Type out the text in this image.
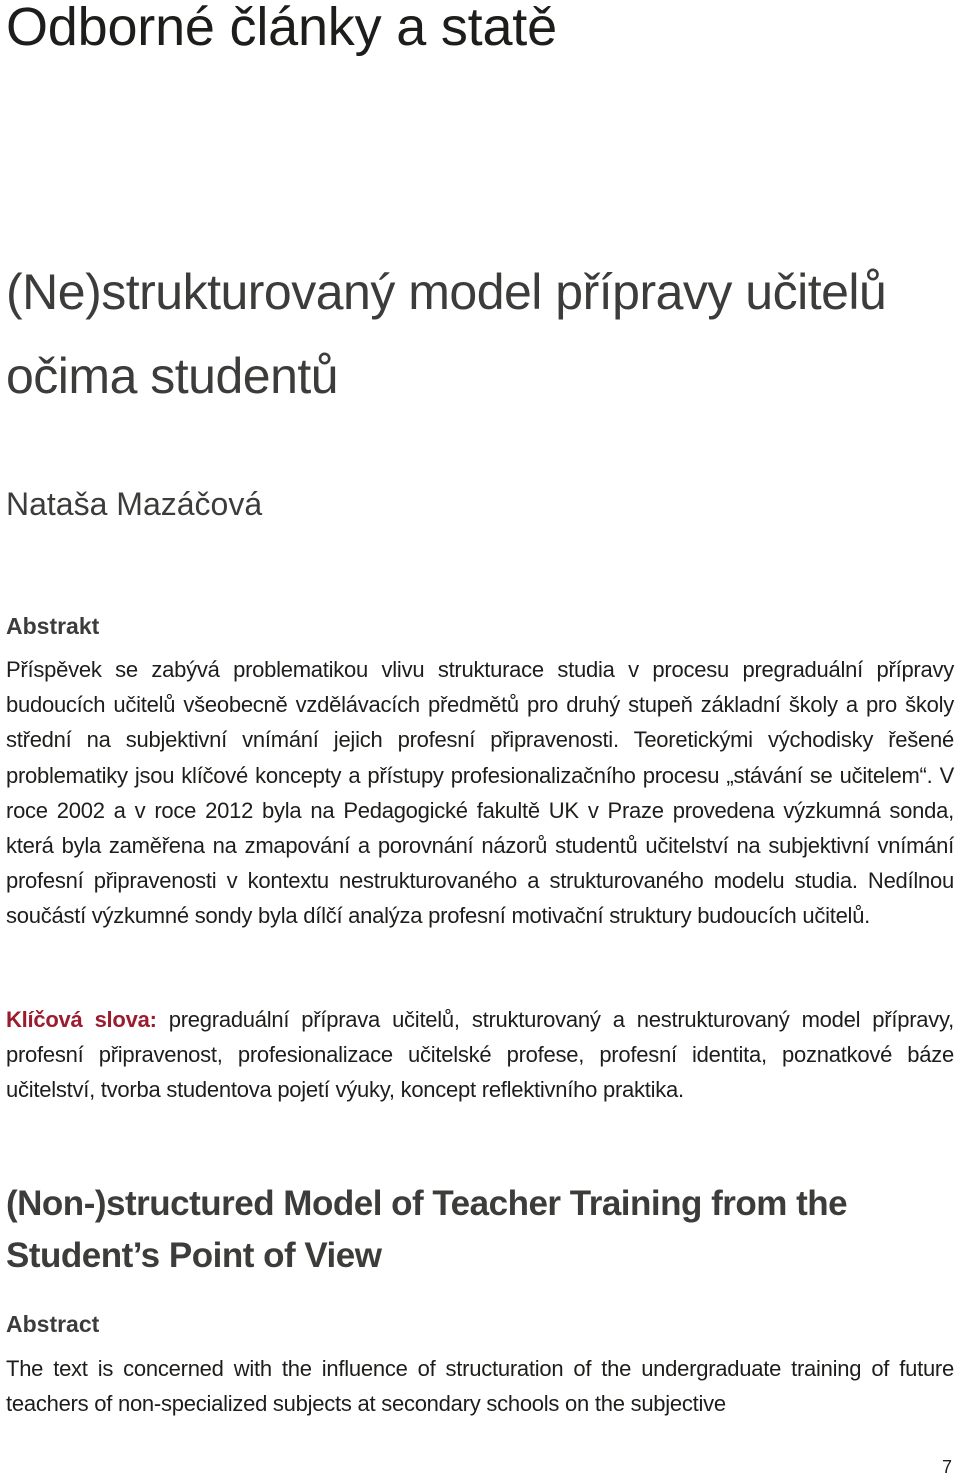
Odborné články a statě
(Ne)strukturovaný model přípravy učitelů očima studentů

Nataša Mazáčová

Abstrakt

Příspěvek se zabývá problematikou vlivu strukturace studia v procesu pregraduální přípravy budoucích učitelů všeobecně vzdělávacích předmětů pro druhý stupeň základní školy a pro školy střední na subjektivní vnímání jejich profesní připravenosti. Teoretickými východisky řešené problematiky jsou klíčové koncepty a přístupy profesionalizačního procesu „stávání se učitelem“. V roce 2002 a v roce 2012 byla na Pedagogické fakultě UK v Praze provedena výzkumná sonda, která byla zaměřena na zmapování a porovnání názorů studentů učitelství na subjektivní vnímání profesní připravenosti v kontextu nestrukturovaného a strukturovaného modelu studia. Nedílnou součástí výzkumné sondy byla dílčí analýza profesní motivační struktury budoucích učitelů.

Klíčová slova: pregraduální příprava učitelů, strukturovaný a nestrukturovaný model přípravy, profesní připravenost, profesionalizace učitelské profese, profesní identita, poznatkové báze učitelství, tvorba studentova pojetí výuky, koncept reflektivního praktika.

(Non-)structured Model of Teacher Training from the Student’s Point of View

Abstract

The text is concerned with the influence of structuration of the undergraduate training of future teachers of non-specialized subjects at secondary schools on the subjective

7
